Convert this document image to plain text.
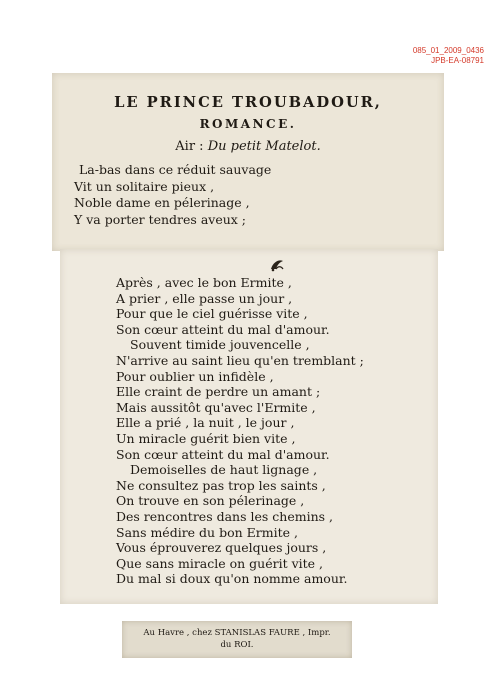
085_01_2009_0436
JPB-EA-08791
LE PRINCE TROUBADOUR,
ROMANCE.
Air : Du petit Matelot.
La-bas dans ce réduit sauvage
Vit un solitaire pieux ,
Noble dame en pélerinage ,
Y va porter tendres aveux ;
Après , avec le bon Ermite ,
A prier , elle passe un jour ,
Pour que le ciel guérisse vite ,
Son cœur atteint du mal d'amour.
Souvent timide jouvencelle ,
N'arrive au saint lieu qu'en tremblant ;
Pour oublier un infidèle ,
Elle craint de perdre un amant ;
Mais aussitôt qu'avec l'Ermite ,
Elle a prié , la nuit , le jour ,
Un miracle guérit bien vite ,
Son cœur atteint du mal d'amour.
Demoiselles de haut lignage ,
Ne consultez pas trop les saints ,
On trouve en son pélerinage ,
Des rencontres dans les chemins ,
Sans médire du bon Ermite ,
Vous éprouverez quelques jours ,
Que sans miracle on guérit vite ,
Du mal si doux qu'on nomme amour.
Au Havre , chez STANISLAS FAURE , Impr.
du ROI.
